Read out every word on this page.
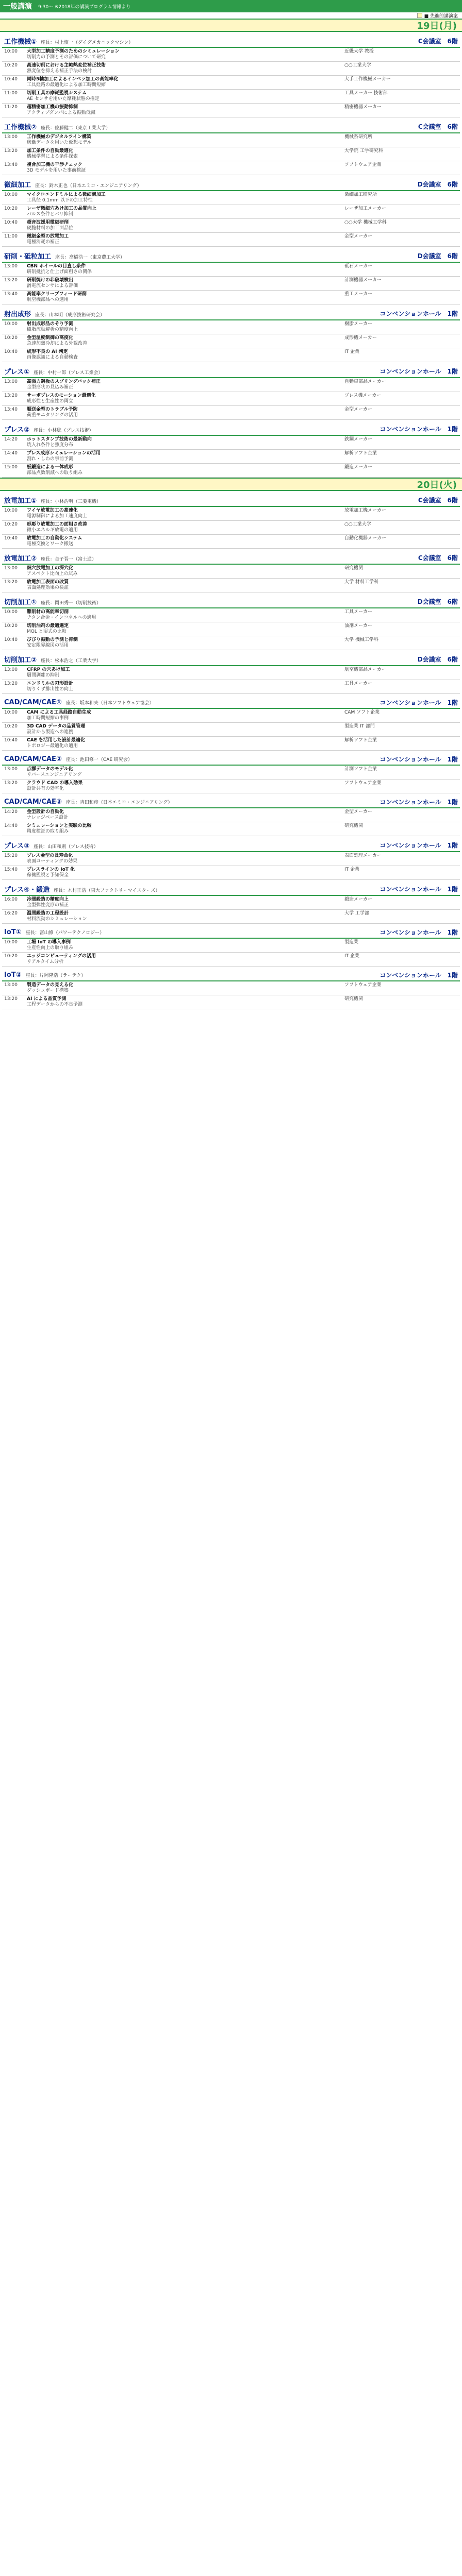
一般講演 9:30〜 ※2018年の講演プログラム情報より
■ 先進的講演案
19日(月)
工作機械① 座長：村上慎一（ダイダメカニックマシン）	C会議室　6階
10:00	大型加工精度予測のためのシミュレーション
切削力の予測とその評価について研究	近畿大学 教授
10:20	高速切削における主軸熱変位補正技術
熱変位を抑える補正手法の検討	○○工業大学
10:40	同時5軸加工によるインペラ加工の高能率化
工具経路の最適化による加工時間短縮	大手工作機械メーカー
11:00	切削工具の摩耗監視システム
AE センサを用いた摩耗状態の推定	工具メーカー 技術部
11:20	超精密加工機の振動抑制
アクティブダンパによる振動低減	精密機器メーカー
工作機械② 座長：佐藤健二（東京工業大学）	C会議室　6階
13:00	工作機械のデジタルツイン構築
稼働データを用いた仮想モデル	機械系研究所
13:20	加工条件の自動最適化
機械学習による条件探索	大学院 工学研究科
13:40	複合加工機の干渉チェック
3D モデルを用いた事前検証	ソフトウェア企業
微細加工 座長：鈴木正也（日本エミコ・エンジニアリング）	D会議室　6階
10:00	マイクロエンドミルによる微細溝加工
工具径 0.1mm 以下の加工特性	微細加工研究所
10:20	レーザ微細穴あけ加工の品質向上
パルス条件とバリ抑制	レーザ加工メーカー
10:40	超音波援用微細研削
硬脆材料の加工面品位	○○大学 機械工学科
11:00	微細金型の放電加工
電極消耗の補正	金型メーカー
研削・砥粒加工 座長：高橋浩一（東京農工大学）	D会議室　6階
13:00	CBN ホイールの目直し条件
研削抵抗と仕上げ面粗さの関係	砥石メーカー
13:20	研削焼けの非破壊検出
渦電流センサによる評価	計測機器メーカー
13:40	高能率クリープフィード研削
航空機部品への適用	重工メーカー
射出成形 座長：山本明（成形技術研究会）	コンベンションホール　1階
10:00	射出成形品のそり予測
樹脂流動解析の精度向上	樹脂メーカー
10:20	金型温度制御の高度化
急速加熱冷却による外観改善	成形機メーカー
10:40	成形不良の AI 判定
画像認識による自動検査	IT 企業
プレス① 座長：中村一郎（プレス工業会）	コンベンションホール　1階
13:00	高張力鋼板のスプリングバック補正
金型形状の見込み補正	自動車部品メーカー
13:20	サーボプレスのモーション最適化
成形性と生産性の両立	プレス機メーカー
13:40	順送金型のトラブル予防
荷重モニタリングの活用	金型メーカー
プレス② 座長：小林聡（プレス技術）	コンベンションホール　1階
14:20	ホットスタンプ技術の最新動向
焼入れ条件と強度分布	鉄鋼メーカー
14:40	プレス成形シミュレーションの活用
割れ・しわの事前予測	解析ソフト企業
15:00	板鍛造による一体成形
部品点数削減への取り組み	鍛造メーカー
20日(火)
放電加工① 座長：小林浩明（三菱電機）	C会議室　6階
10:00	ワイヤ放電加工の高速化
電源制御による加工速度向上	放電加工機メーカー
10:20	形彫り放電加工の面粗さ改善
微小エネルギ放電の適用	○○工業大学
10:40	放電加工の自動化システム
電極交換とワーク搬送	自動化機器メーカー
放電加工② 座長：金子晋一（富士通）	C会議室　6階
13:00	細穴放電加工の深穴化
アスペクト比向上の試み	研究機関
13:20	放電加工表面の改質
表面処理効果の検証	大学 材料工学科
切削加工① 座長：岡田秀一（切削技術）	D会議室　6階
10:00	難削材の高能率切削
チタン合金・インコネルへの適用	工具メーカー
10:20	切削油剤の最適選定
MQL と湿式の比較	油剤メーカー
10:40	びびり振動の予測と抑制
安定限界線図の活用	大学 機械工学科
切削加工② 座長：松本浩之（工業大学）	D会議室　6階
13:00	CFRP の穴あけ加工
層間剥離の抑制	航空機部品メーカー
13:20	エンドミルの刃形設計
切りくず排出性の向上	工具メーカー
CAD/CAM/CAE① 座長：坂本和夫（日本ソフトウェア協会）	コンベンションホール　1階
10:00	CAM による工具経路自動生成
加工時間短縮の事例	CAM ソフト企業
10:20	3D CAD データの品質管理
設計から製造への連携	製造業 IT 部門
10:40	CAE を活用した設計最適化
トポロジー最適化の適用	解析ソフト企業
CAD/CAM/CAE② 座長：池田修一（CAE 研究会）	コンベンションホール　1階
13:00	点群データのモデル化
リバースエンジニアリング	計測ソフト企業
13:20	クラウド CAD の導入効果
設計共有の効率化	ソフトウェア企業
CAD/CAM/CAE③ 座長：吉田和彦（日本エミコ・エンジニアリング）	コンベンションホール　1階
14:20	金型設計の自動化
ナレッジベース設計	金型メーカー
14:40	シミュレーションと実験の比較
精度検証の取り組み	研究機関
プレス③ 座長：山田和則（プレス技術）	コンベンションホール　1階
15:20	プレス金型の長寿命化
表面コーティングの効果	表面処理メーカー
15:40	プレスラインの IoT 化
稼働監視と予知保全	IT 企業
プレス④・鍛造 座長：木村正浩（東大ファクトリーマイスターズ）	コンベンションホール　1階
16:00	冷間鍛造の精度向上
金型弾性変形の補正	鍛造メーカー
16:20	温間鍛造の工程設計
材料流動のシミュレーション	大学 工学部
IoT① 座長：富山修（パワーテクノロジー）	コンベンションホール　1階
10:00	工場 IoT の導入事例
生産性向上の取り組み	製造業
10:20	エッジコンピューティングの活用
リアルタイム分析	IT 企業
IoT② 座長：片岡隆浩（ラーテク）	コンベンションホール　1階
13:00	製造データの見える化
ダッシュボード構築	ソフトウェア企業
13:20	AI による品質予測
工程データからの不良予測	研究機関
